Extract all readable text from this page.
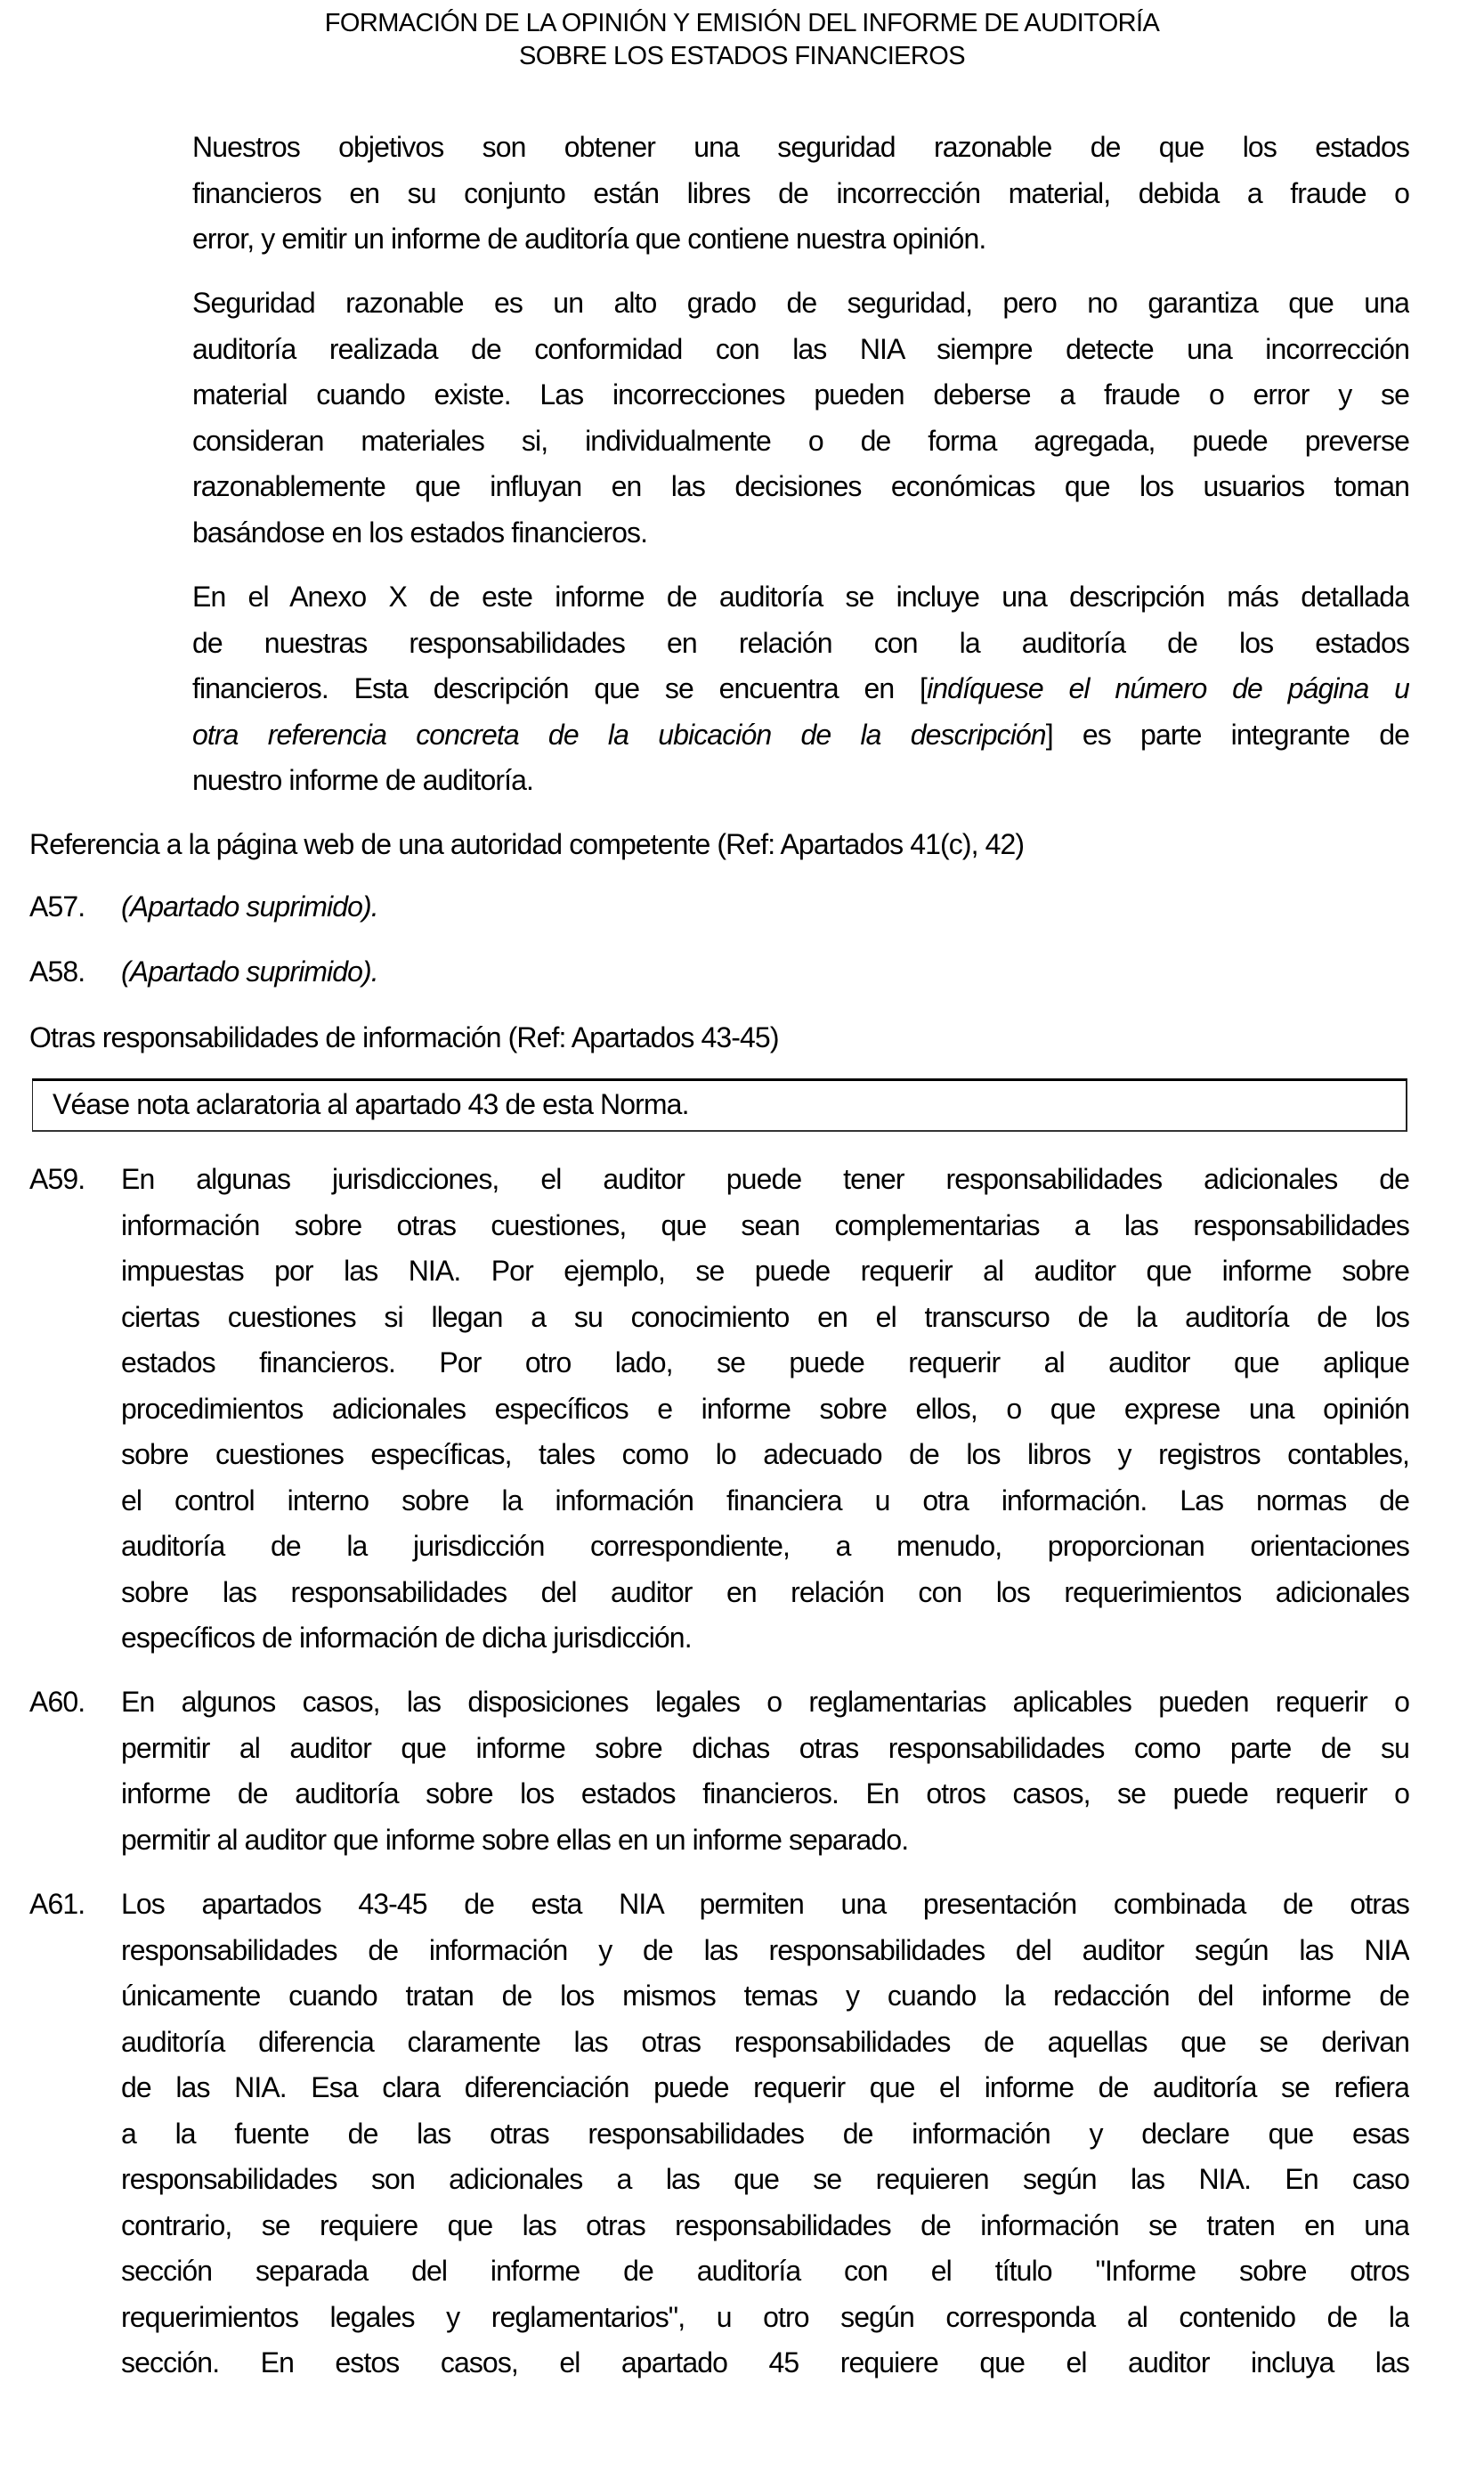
FORMACIÓN DE LA OPINIÓN Y EMISIÓN DEL INFORME DE AUDITORÍA
SOBRE LOS ESTADOS FINANCIEROS
Nuestros objetivos son obtener una seguridad razonable de que los estados
financieros en su conjunto están libres de incorrección material, debida a fraude o
error, y emitir un informe de auditoría que contiene nuestra opinión.
Seguridad razonable es un alto grado de seguridad, pero no garantiza que una
auditoría realizada de conformidad con las NIA siempre detecte una incorrección
material cuando existe. Las incorrecciones pueden deberse a fraude o error y se
consideran materiales si, individualmente o de forma agregada, puede preverse
razonablemente que influyan en las decisiones económicas que los usuarios toman
basándose en los estados financieros.
En el Anexo X de este informe de auditoría se incluye una descripción más detallada
de nuestras responsabilidades en relación con la auditoría de los estados
financieros. Esta descripción que se encuentra en [indíquese el número de página u
otra referencia concreta de la ubicación de la descripción] es parte integrante de
nuestro informe de auditoría.
Referencia a la página web de una autoridad competente (Ref: Apartados 41(c), 42)
A57. (Apartado suprimido).
A58. (Apartado suprimido).
Otras responsabilidades de información (Ref: Apartados 43-45)
Véase nota aclaratoria al apartado 43 de esta Norma.
A59. En algunas jurisdicciones, el auditor puede tener responsabilidades adicionales de
información sobre otras cuestiones, que sean complementarias a las responsabilidades
impuestas por las NIA. Por ejemplo, se puede requerir al auditor que informe sobre
ciertas cuestiones si llegan a su conocimiento en el transcurso de la auditoría de los
estados financieros. Por otro lado, se puede requerir al auditor que aplique
procedimientos adicionales específicos e informe sobre ellos, o que exprese una opinión
sobre cuestiones específicas, tales como lo adecuado de los libros y registros contables,
el control interno sobre la información financiera u otra información. Las normas de
auditoría de la jurisdicción correspondiente, a menudo, proporcionan orientaciones
sobre las responsabilidades del auditor en relación con los requerimientos adicionales
específicos de información de dicha jurisdicción.
A60. En algunos casos, las disposiciones legales o reglamentarias aplicables pueden requerir o
permitir al auditor que informe sobre dichas otras responsabilidades como parte de su
informe de auditoría sobre los estados financieros. En otros casos, se puede requerir o
permitir al auditor que informe sobre ellas en un informe separado.
A61. Los apartados 43-45 de esta NIA permiten una presentación combinada de otras
responsabilidades de información y de las responsabilidades del auditor según las NIA
únicamente cuando tratan de los mismos temas y cuando la redacción del informe de
auditoría diferencia claramente las otras responsabilidades de aquellas que se derivan
de las NIA. Esa clara diferenciación puede requerir que el informe de auditoría se refiera
a la fuente de las otras responsabilidades de información y declare que esas
responsabilidades son adicionales a las que se requieren según las NIA. En caso
contrario, se requiere que las otras responsabilidades de información se traten en una
sección separada del informe de auditoría con el título "Informe sobre otros
requerimientos legales y reglamentarios", u otro según corresponda al contenido de la
sección. En estos casos, el apartado 45 requiere que el auditor incluya las
